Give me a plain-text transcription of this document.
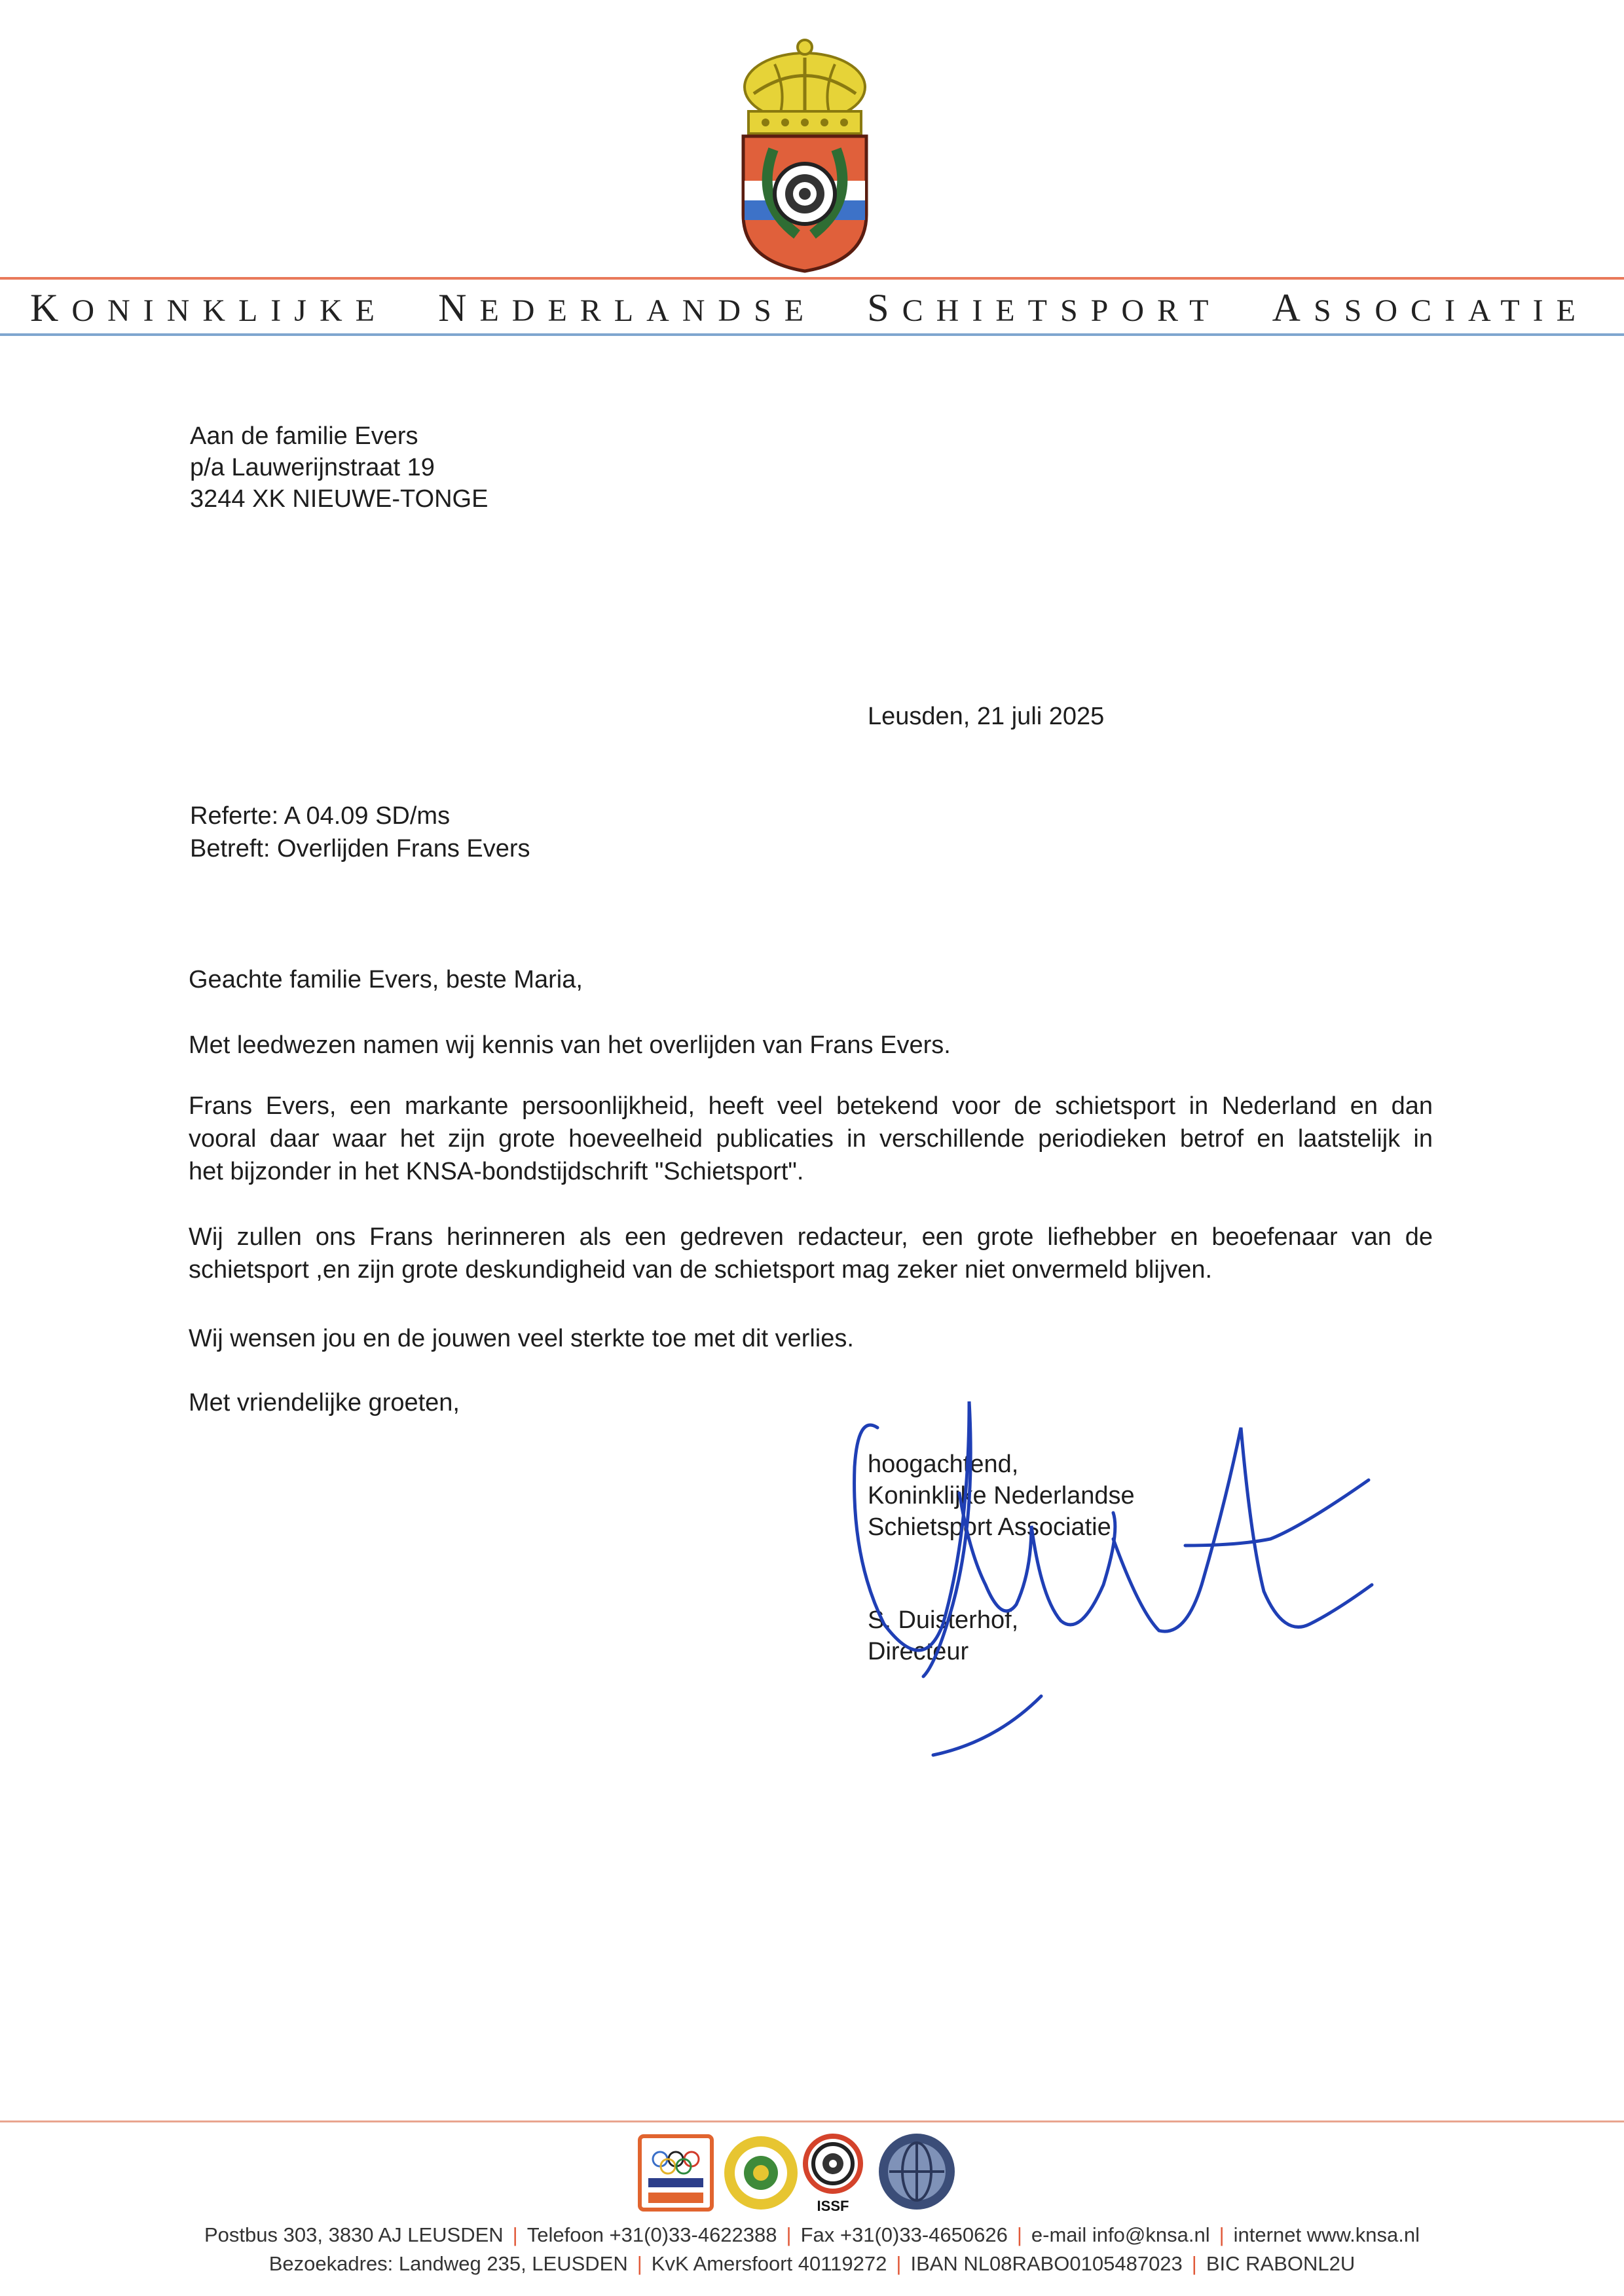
KONINKLIJKE NEDERLANDSE SCHIETSPORT ASSOCIATIE
Aan de familie Evers
p/a Lauwerijnstraat 19
3244 XK NIEUWE-TONGE
Leusden, 21 juli 2025
Referte: A 04.09 SD/ms
Betreft: Overlijden Frans Evers
Geachte familie Evers, beste Maria,
Met leedwezen namen wij kennis van het overlijden van Frans Evers.
Frans Evers, een markante persoonlijkheid, heeft veel betekend voor de schietsport in Nederland en dan
vooral daar waar het zijn grote hoeveelheid publicaties in verschillende periodieken betrof en laatstelijk in
het bijzonder in het KNSA-bondstijdschrift "Schietsport".
Wij zullen ons Frans herinneren als een gedreven redacteur, een grote liefhebber en beoefenaar van de
schietsport ,en zijn grote deskundigheid van de schietsport mag zeker niet onvermeld blijven.
Wij wensen jou en de jouwen veel sterkte toe met dit verlies.
Met vriendelijke groeten,
hoogachtend,
Koninklijke Nederlandse
Schietsport Associatie
S. Duisterhof,
Directeur
ISSF
Postbus 303, 3830 AJ LEUSDEN | Telefoon +31(0)33-4622388 | Fax +31(0)33-4650626 | e-mail info@knsa.nl | internet www.knsa.nl
Bezoekadres: Landweg 235, LEUSDEN | KvK Amersfoort 40119272 | IBAN NL08RABO0105487023 | BIC RABONL2U
